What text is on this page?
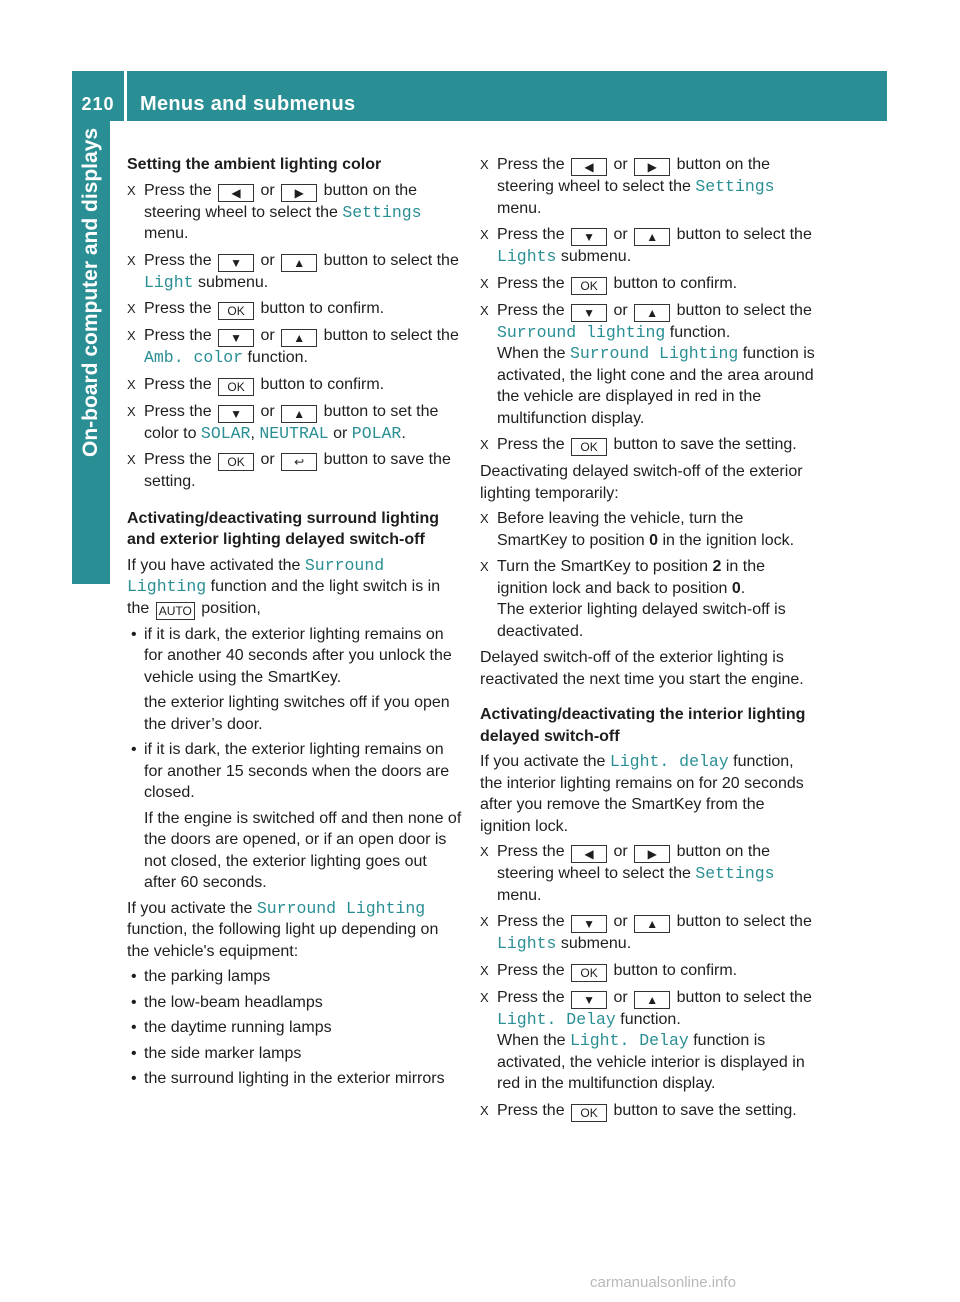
210	Menus and submenus
On-board computer and displays	Setting the ambient lighting color
X Press the ◀ or ▶ button on the steering wheel to select the Settings menu.
X Press the ▼ or ▲ button to select the Light submenu.
X Press the OK button to confirm.
X Press the ▼ or ▲ button to select the Amb. color function.
X Press the OK button to confirm.
X Press the ▼ or ▲ button to set the color to SOLAR, NEUTRAL or POLAR.
X Press the OK or ↩ button to save the setting.
Activating/deactivating surround lighting and exterior lighting delayed switch-off

If you have activated the Surround Lighting function and the light switch is in the AUTO position,

• if it is dark, the exterior lighting remains on for another 40 seconds after you unlock the vehicle using the SmartKey.
the exterior lighting switches off if you open the driver’s door.
• if it is dark, the exterior lighting remains on for another 15 seconds when the doors are closed.
If the engine is switched off and then none of the doors are opened, or if an open door is not closed, the exterior lighting goes out after 60 seconds.

If you activate the Surround Lighting function, the following light up depending on the vehicle's equipment:

• the parking lamps
• the low-beam headlamps
• the daytime running lamps
• the side marker lamps
• the surround lighting in the exterior mirrors
X Press the ◀ or ▶ button on the steering wheel to select the Settings menu.
X Press the ▼ or ▲ button to select the Lights submenu.
X Press the OK button to confirm.
X Press the ▼ or ▲ button to select the Surround lighting function.
When the Surround Lighting function is activated, the light cone and the area around the vehicle are displayed in red in the multifunction display.
X Press the OK button to save the setting.

Deactivating delayed switch-off of the exterior lighting temporarily:

X Before leaving the vehicle, turn the SmartKey to position 0 in the ignition lock.
X Turn the SmartKey to position 2 in the ignition lock and back to position 0.
The exterior lighting delayed switch-off is deactivated.

Delayed switch-off of the exterior lighting is reactivated the next time you start the engine.

Activating/deactivating the interior lighting delayed switch-off

If you activate the Light. delay function, the interior lighting remains on for 20 seconds after you remove the SmartKey from the ignition lock.

X Press the ◀ or ▶ button on the steering wheel to select the Settings menu.
X Press the ▼ or ▲ button to select the Lights submenu.
X Press the OK button to confirm.
X Press the ▼ or ▲ button to select the Light. Delay function.
When the Light. Delay function is activated, the vehicle interior is displayed in red in the multifunction display.
X Press the OK button to save the setting.
carmanualsonline.info
